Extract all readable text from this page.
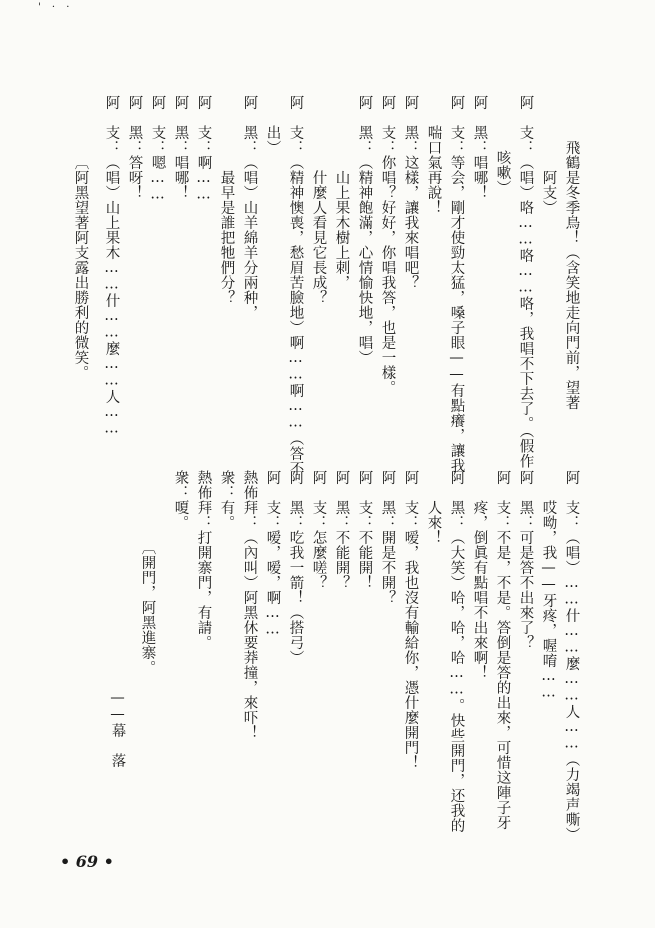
' · ·
• 69 •
飛鶴是冬季鳥！（含笑地走向門前，望著
阿支）
阿　支：（唱）咯……咯……咯，我唱不下去了。（假作
咳嗽）
阿　黑：唱哪！
阿　支：等会，剛才使勁太猛，嗓子眼——有點癢，讓我
喘口氣再說！
阿　黑：这樣，讓我來唱吧？
阿　支：你唱？好好，你唱我答，也是一樣。
阿　黑：（精神飽滿，心情愉快地，唱）
山上果木樹上刺，
什麼人看見它長成？
阿　支：（精神懊喪，愁眉苦臉地）啊……啊……（答不
出）
阿　黑：（唱）山羊綿羊分兩种，
最早是誰把牠們分？
阿　支：啊……
阿　黑：唱哪！
阿　支：嗯……
阿　黑：答呀！
阿　支：（唱）山上果木……什……麼……人……
〔阿黑望著阿支露出勝利的微笑。
阿　支：（唱）……什……麼……人……（力竭声嘶）
哎呦，我——牙疼，喔唷……
阿　黑：可是答不出來了？
阿　支：不是，不是。答倒是答的出來，可惜这陣子牙
疼，倒眞有點唱不出來啊！
阿　黑：（大笑）哈，哈，哈……。快些開門，还我的
人來！
阿　支：嗳，我也沒有輸給你，憑什麼開門！
阿　黑：開是不開？
阿　支：不能開！
阿　黑：不能開？
阿　支：怎麼嗟？
阿　黑：吃我一箭！（搭弓）
阿　支：嗳，嗳，啊……
熱佈拜：（內叫）阿黑休要莽撞，來吓！
衆：有。
熱佈拜：打開寨門，有請。
衆：嗄。
〔開門，阿黑進寨。
——幕　落
